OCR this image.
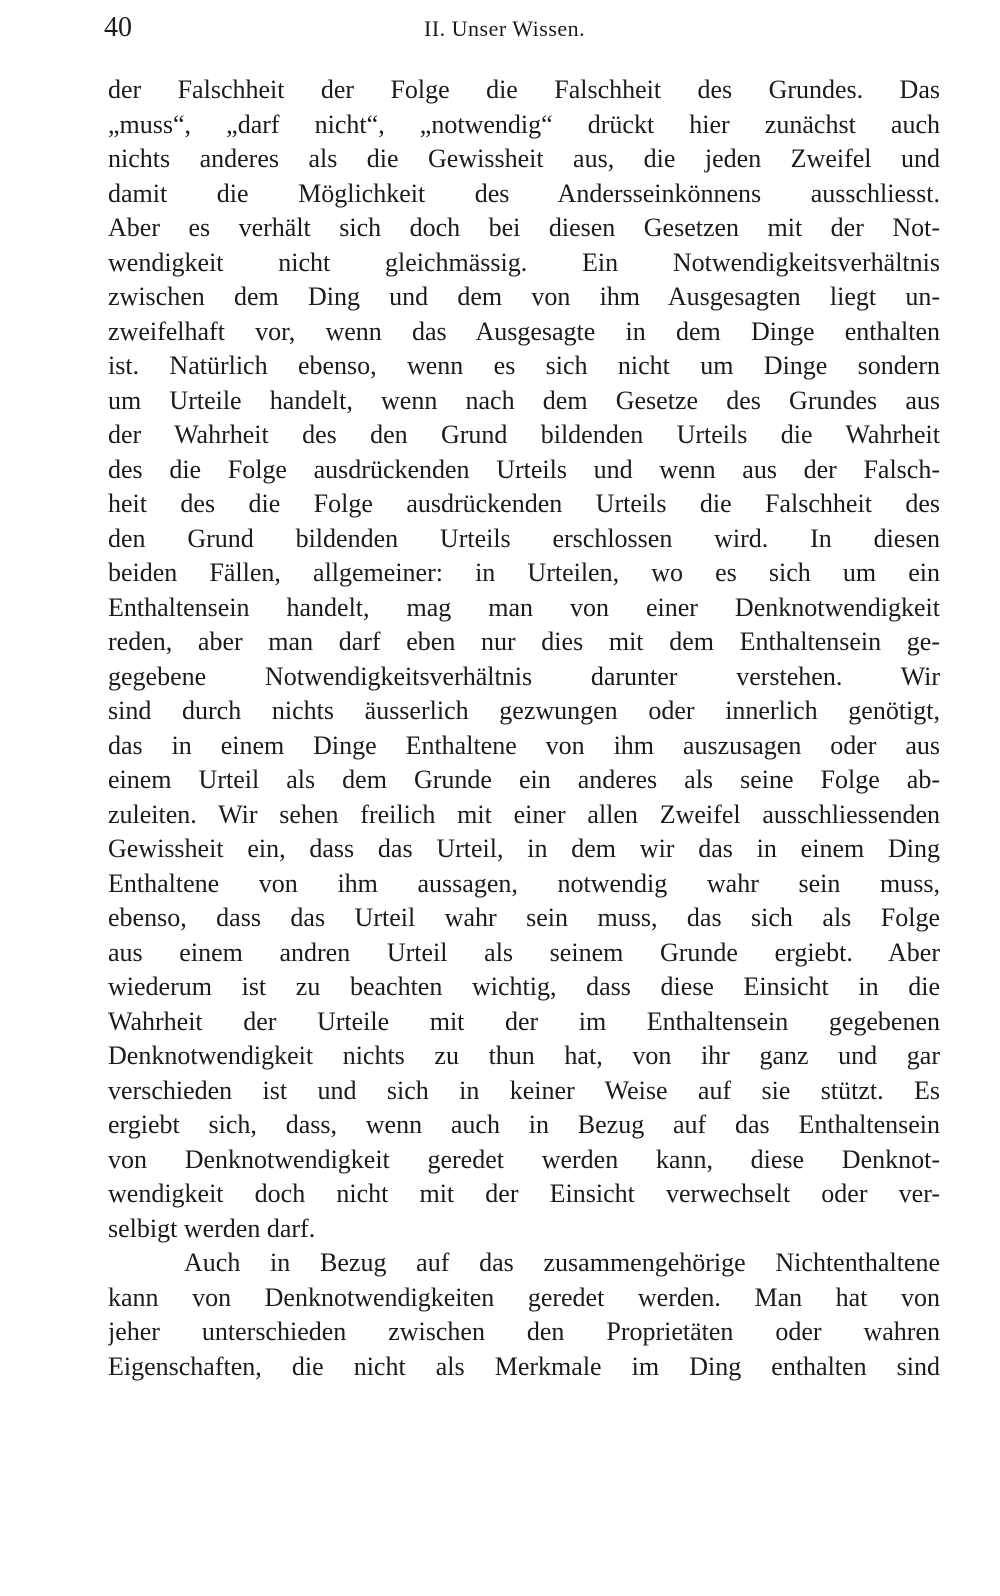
40	II. Unser Wissen.
der Falschheit der Folge die Falschheit des Grundes. Das
„muss“, „darf nicht“, „notwendig“ drückt hier zunächst auch
nichts anderes als die Gewissheit aus, die jeden Zweifel und
damit die Möglichkeit des Andersseinkönnens ausschliesst.
Aber es verhält sich doch bei diesen Gesetzen mit der Not-
wendigkeit nicht gleichmässig. Ein Notwendigkeitsverhältnis
zwischen dem Ding und dem von ihm Ausgesagten liegt un-
zweifelhaft vor, wenn das Ausgesagte in dem Dinge enthalten
ist. Natürlich ebenso, wenn es sich nicht um Dinge sondern
um Urteile handelt, wenn nach dem Gesetze des Grundes aus
der Wahrheit des den Grund bildenden Urteils die Wahrheit
des die Folge ausdrückenden Urteils und wenn aus der Falsch-
heit des die Folge ausdrückenden Urteils die Falschheit des
den Grund bildenden Urteils erschlossen wird. In diesen
beiden Fällen, allgemeiner: in Urteilen, wo es sich um ein
Enthaltensein handelt, mag man von einer Denknotwendigkeit
reden, aber man darf eben nur dies mit dem Enthaltensein ge-
gegebene Notwendigkeitsverhältnis darunter verstehen. Wir
sind durch nichts äusserlich gezwungen oder innerlich genötigt,
das in einem Dinge Enthaltene von ihm auszusagen oder aus
einem Urteil als dem Grunde ein anderes als seine Folge ab-
zuleiten. Wir sehen freilich mit einer allen Zweifel ausschliessenden
Gewissheit ein, dass das Urteil, in dem wir das in einem Ding
Enthaltene von ihm aussagen, notwendig wahr sein muss,
ebenso, dass das Urteil wahr sein muss, das sich als Folge
aus einem andren Urteil als seinem Grunde ergiebt. Aber
wiederum ist zu beachten wichtig, dass diese Einsicht in die
Wahrheit der Urteile mit der im Enthaltensein gegebenen
Denknotwendigkeit nichts zu thun hat, von ihr ganz und gar
verschieden ist und sich in keiner Weise auf sie stützt. Es
ergiebt sich, dass, wenn auch in Bezug auf das Enthaltensein
von Denknotwendigkeit geredet werden kann, diese Denknot-
wendigkeit doch nicht mit der Einsicht verwechselt oder ver-
selbigt werden darf.
Auch in Bezug auf das zusammengehörige Nichtenthaltene
kann von Denknotwendigkeiten geredet werden. Man hat von
jeher unterschieden zwischen den Proprietäten oder wahren
Eigenschaften, die nicht als Merkmale im Ding enthalten sind
